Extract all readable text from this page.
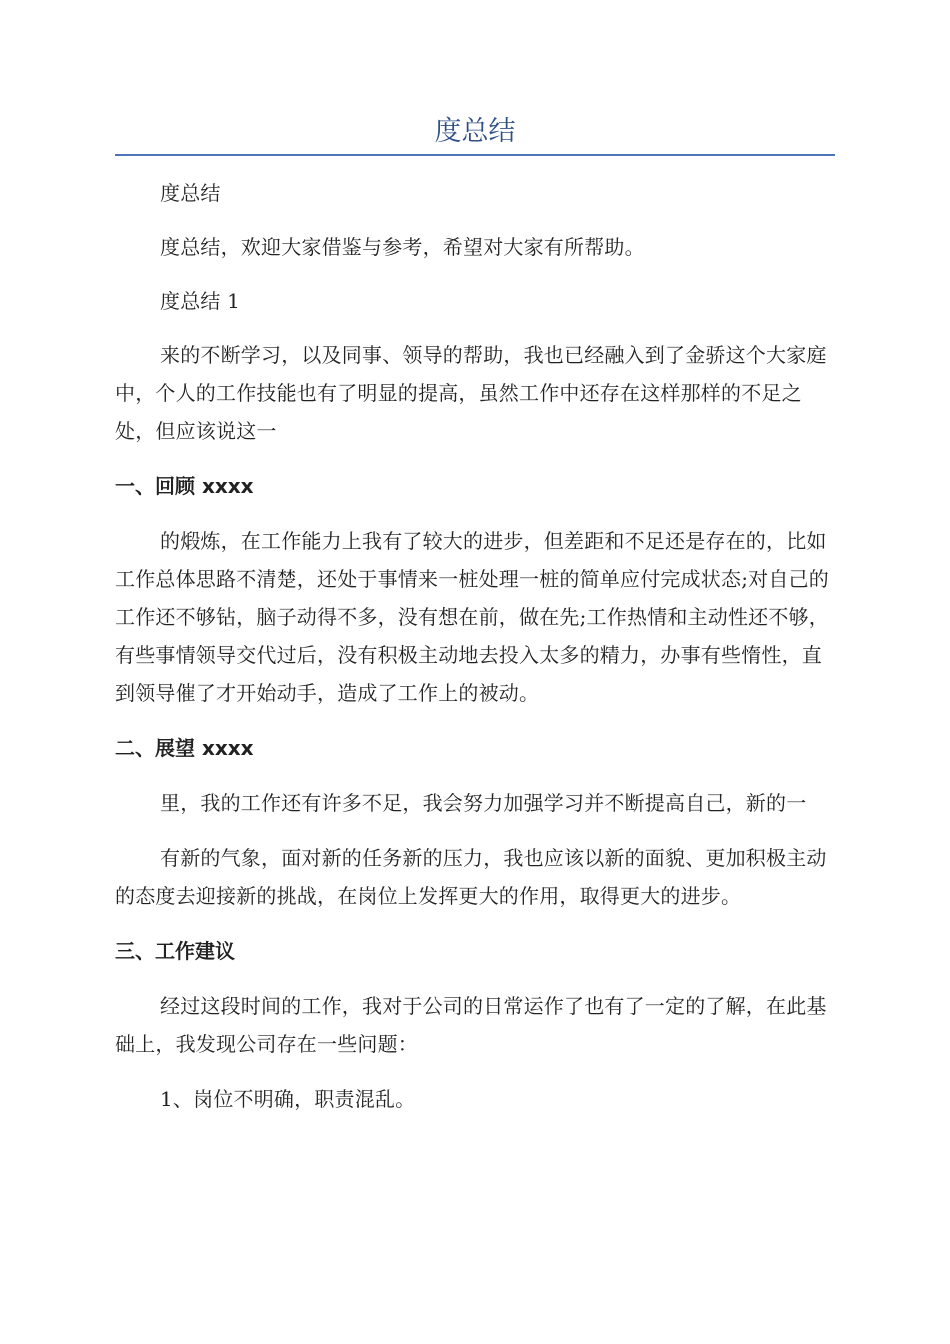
度总结

度总结

度总结，欢迎大家借鉴与参考，希望对大家有所帮助。

度总结 1

来的不断学习，以及同事、领导的帮助，我也已经融入到了金骄这个大家庭中，个人的工作技能也有了明显的提高，虽然工作中还存在这样那样的不足之处，但应该说这一

一、回顾 xxxx

的煅炼，在工作能力上我有了较大的进步，但差距和不足还是存在的，比如工作总体思路不清楚，还处于事情来一桩处理一桩的简单应付完成状态;对自己的工作还不够钻，脑子动得不多，没有想在前，做在先;工作热情和主动性还不够，有些事情领导交代过后，没有积极主动地去投入太多的精力，办事有些惰性，直到领导催了才开始动手，造成了工作上的被动。

二、展望 xxxx

里，我的工作还有许多不足，我会努力加强学习并不断提高自己，新的一

有新的气象，面对新的任务新的压力，我也应该以新的面貌、更加积极主动的态度去迎接新的挑战，在岗位上发挥更大的作用，取得更大的进步。

三、工作建议

经过这段时间的工作，我对于公司的日常运作了也有了一定的了解，在此基础上，我发现公司存在一些问题：

1、岗位不明确，职责混乱。
